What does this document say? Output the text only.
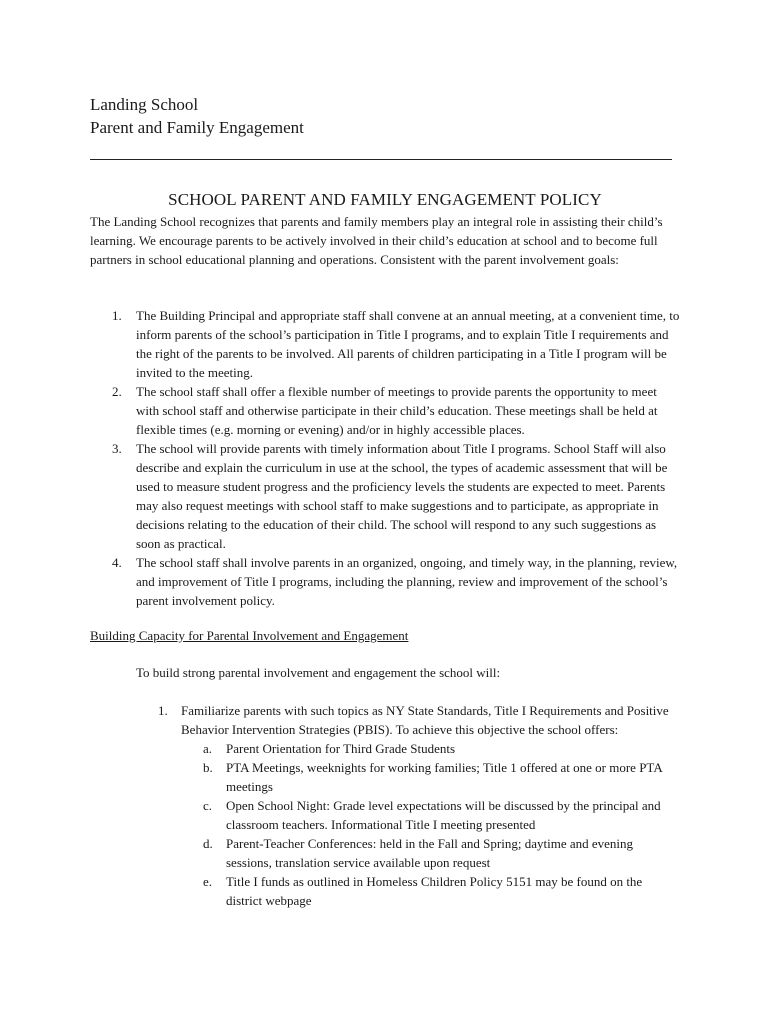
Landing School
Parent and Family Engagement
SCHOOL PARENT AND FAMILY ENGAGEMENT POLICY

The Landing School recognizes that parents and family members play an integral role in assisting their child’s learning. We encourage parents to be actively involved in their child’s education at school and to become full partners in school educational planning and operations. Consistent with the parent involvement goals:

1. The Building Principal and appropriate staff shall convene at an annual meeting, at a convenient time, to inform parents of the school’s participation in Title I programs, and to explain Title I requirements and the right of the parents to be involved. All parents of children participating in a Title I program will be invited to the meeting.
2. The school staff shall offer a flexible number of meetings to provide parents the opportunity to meet with school staff and otherwise participate in their child’s education. These meetings shall be held at flexible times (e.g. morning or evening) and/or in highly accessible places.
3. The school will provide parents with timely information about Title I programs. School Staff will also describe and explain the curriculum in use at the school, the types of academic assessment that will be used to measure student progress and the proficiency levels the students are expected to meet. Parents may also request meetings with school staff to make suggestions and to participate, as appropriate in decisions relating to the education of their child. The school will respond to any such suggestions as soon as practical.
4. The school staff shall involve parents in an organized, ongoing, and timely way, in the planning, review, and improvement of Title I programs, including the planning, review and improvement of the school’s parent involvement policy.

Building Capacity for Parental Involvement and Engagement

To build strong parental involvement and engagement the school will:

1. Familiarize parents with such topics as NY State Standards, Title I Requirements and Positive Behavior Intervention Strategies (PBIS). To achieve this objective the school offers:
a. Parent Orientation for Third Grade Students
b. PTA Meetings, weeknights for working families; Title 1 offered at one or more PTA meetings
c. Open School Night: Grade level expectations will be discussed by the principal and classroom teachers. Informational Title I meeting presented
d. Parent-Teacher Conferences: held in the Fall and Spring; daytime and evening sessions, translation service available upon request
e. Title I funds as outlined in Homeless Children Policy 5151 may be found on the district webpage
